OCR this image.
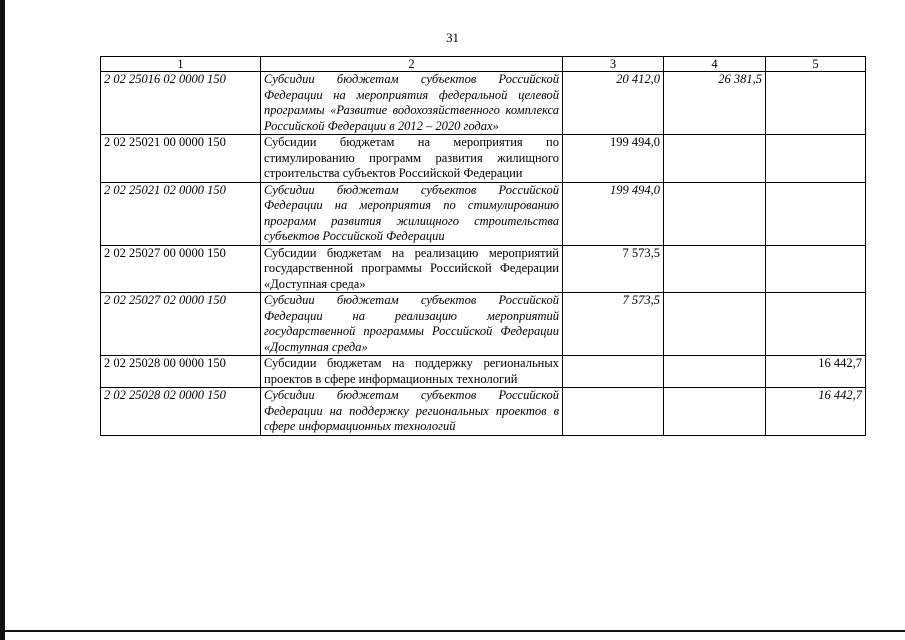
31
1	2	3	4	5
2 02 25016 02 0000 150	Субсидии бюджетам субъектов Российской Федерации на мероприятия федеральной целевой программы «Развитие водохозяйственного комплекса Российской Федерации в 2012 – 2020 годах»	20 412,0	26 381,5	
2 02 25021 00 0000 150	Субсидии бюджетам на мероприятия по стимулированию программ развития жилищного строительства субъектов Российской Федерации	199 494,0		
2 02 25021 02 0000 150	Субсидии бюджетам субъектов Российской Федерации на мероприятия по стимулированию программ развития жилищного строительства субъектов Российской Федерации	199 494,0		
2 02 25027 00 0000 150	Субсидии бюджетам на реализацию мероприятий государственной программы Российской Федерации «Доступная среда»	7 573,5		
2 02 25027 02 0000 150	Субсидии бюджетам субъектов Российской Федерации на реализацию мероприятий государственной программы Российской Федерации «Доступная среда»	7 573,5		
2 02 25028 00 0000 150	Субсидии бюджетам на поддержку региональных проектов в сфере информационных технологий			16 442,7
2 02 25028 02 0000 150	Субсидии бюджетам субъектов Российской Федерации на поддержку региональных проектов в сфере информационных технологий			16 442,7
